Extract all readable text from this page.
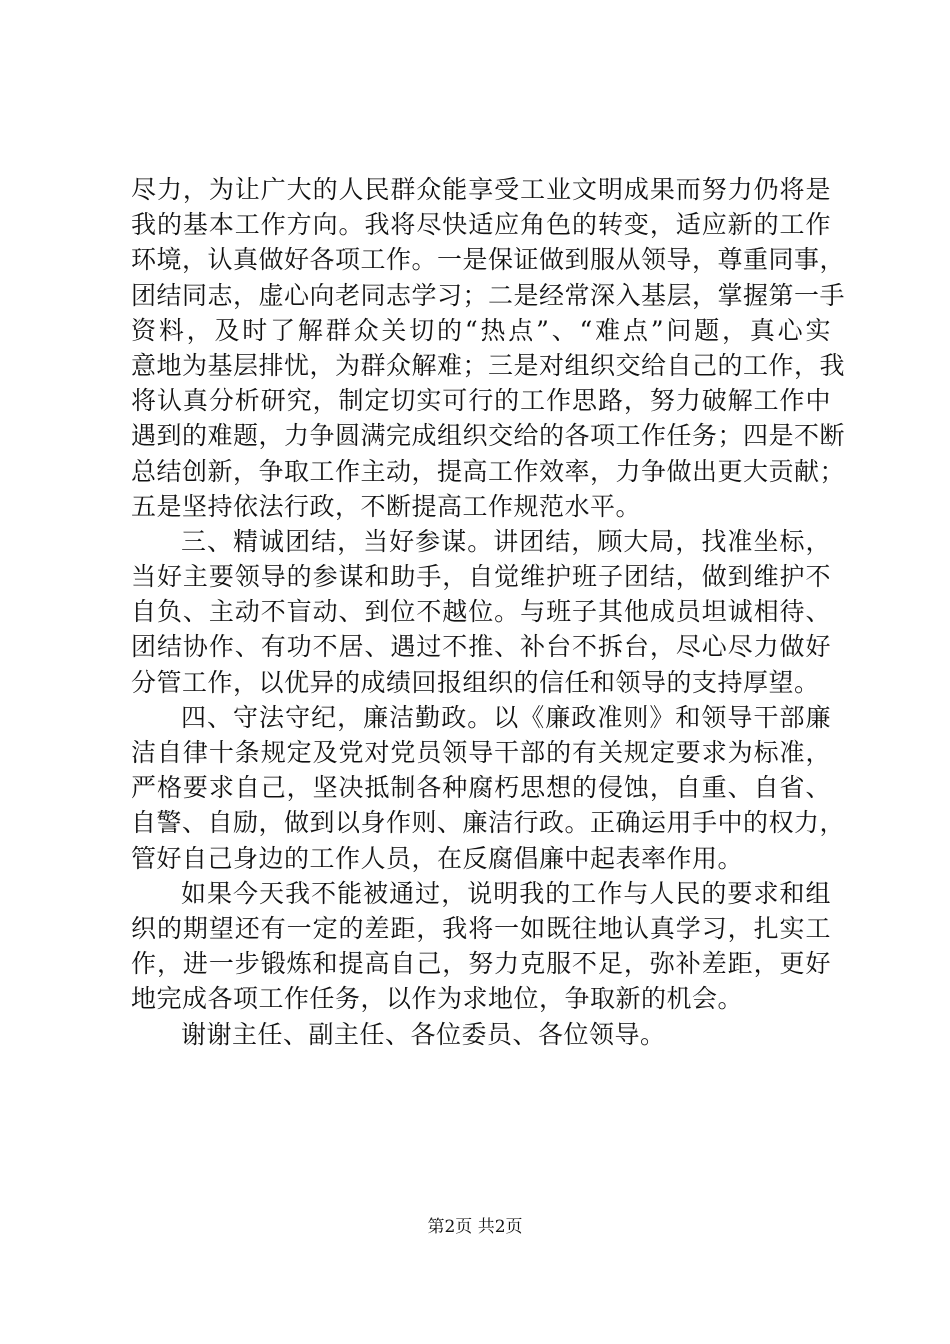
尽力，为让广大的人民群众能享受工业文明成果而努力仍将是
我的基本工作方向。我将尽快适应角色的转变，适应新的工作
环境，认真做好各项工作。一是保证做到服从领导，尊重同事，
团结同志，虚心向老同志学习；二是经常深入基层，掌握第一手
资料，及时了解群众关切的“热点”、“难点”问题，真心实
意地为基层排忧，为群众解难；三是对组织交给自己的工作，我
将认真分析研究，制定切实可行的工作思路，努力破解工作中
遇到的难题，力争圆满完成组织交给的各项工作任务；四是不断
总结创新，争取工作主动，提高工作效率，力争做出更大贡献；
五是坚持依法行政，不断提高工作规范水平。
三、精诚团结，当好参谋。讲团结，顾大局，找准坐标，
当好主要领导的参谋和助手，自觉维护班子团结，做到维护不
自负、主动不盲动、到位不越位。与班子其他成员坦诚相待、
团结协作、有功不居、遇过不推、补台不拆台，尽心尽力做好
分管工作，以优异的成绩回报组织的信任和领导的支持厚望。
四、守法守纪，廉洁勤政。以《廉政准则》和领导干部廉
洁自律十条规定及党对党员领导干部的有关规定要求为标准，
严格要求自己，坚决抵制各种腐朽思想的侵蚀，自重、自省、
自警、自励，做到以身作则、廉洁行政。正确运用手中的权力，
管好自己身边的工作人员，在反腐倡廉中起表率作用。
如果今天我不能被通过，说明我的工作与人民的要求和组
织的期望还有一定的差距，我将一如既往地认真学习，扎实工
作，进一步锻炼和提高自己，努力克服不足，弥补差距，更好
地完成各项工作任务，以作为求地位，争取新的机会。
谢谢主任、副主任、各位委员、各位领导。
第2页 共2页
